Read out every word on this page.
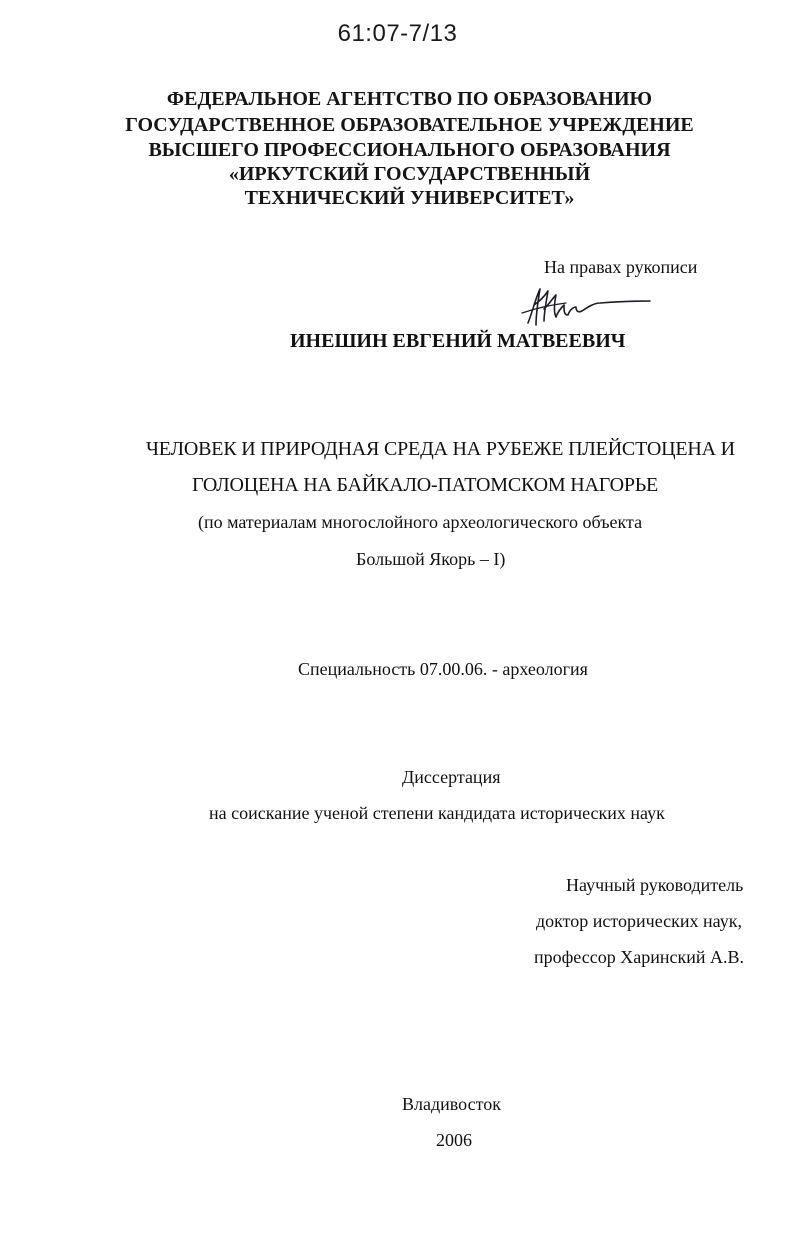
61:07-7/13
ФЕДЕРАЛЬНОЕ АГЕНТСТВО ПО ОБРАЗОВАНИЮ
ГОСУДАРСТВЕННОЕ ОБРАЗОВАТЕЛЬНОЕ УЧРЕЖДЕНИЕ
ВЫСШЕГО ПРОФЕССИОНАЛЬНОГО ОБРАЗОВАНИЯ
«ИРКУТСКИЙ ГОСУДАРСТВЕННЫЙ
ТЕХНИЧЕСКИЙ УНИВЕРСИТЕТ»
На правах рукописи
ИНЕШИН ЕВГЕНИЙ МАТВЕЕВИЧ
ЧЕЛОВЕК И ПРИРОДНАЯ СРЕДА НА РУБЕЖЕ ПЛЕЙСТОЦЕНА И
ГОЛОЦЕНА НА БАЙКАЛО-ПАТОМСКОМ НАГОРЬЕ
(по материалам многослойного археологического объекта
Большой Якорь – I)
Специальность 07.00.06. - археология
Диссертация
на соискание ученой степени кандидата исторических наук
Научный руководитель
доктор исторических наук,
профессор Харинский А.В.
Владивосток
2006
